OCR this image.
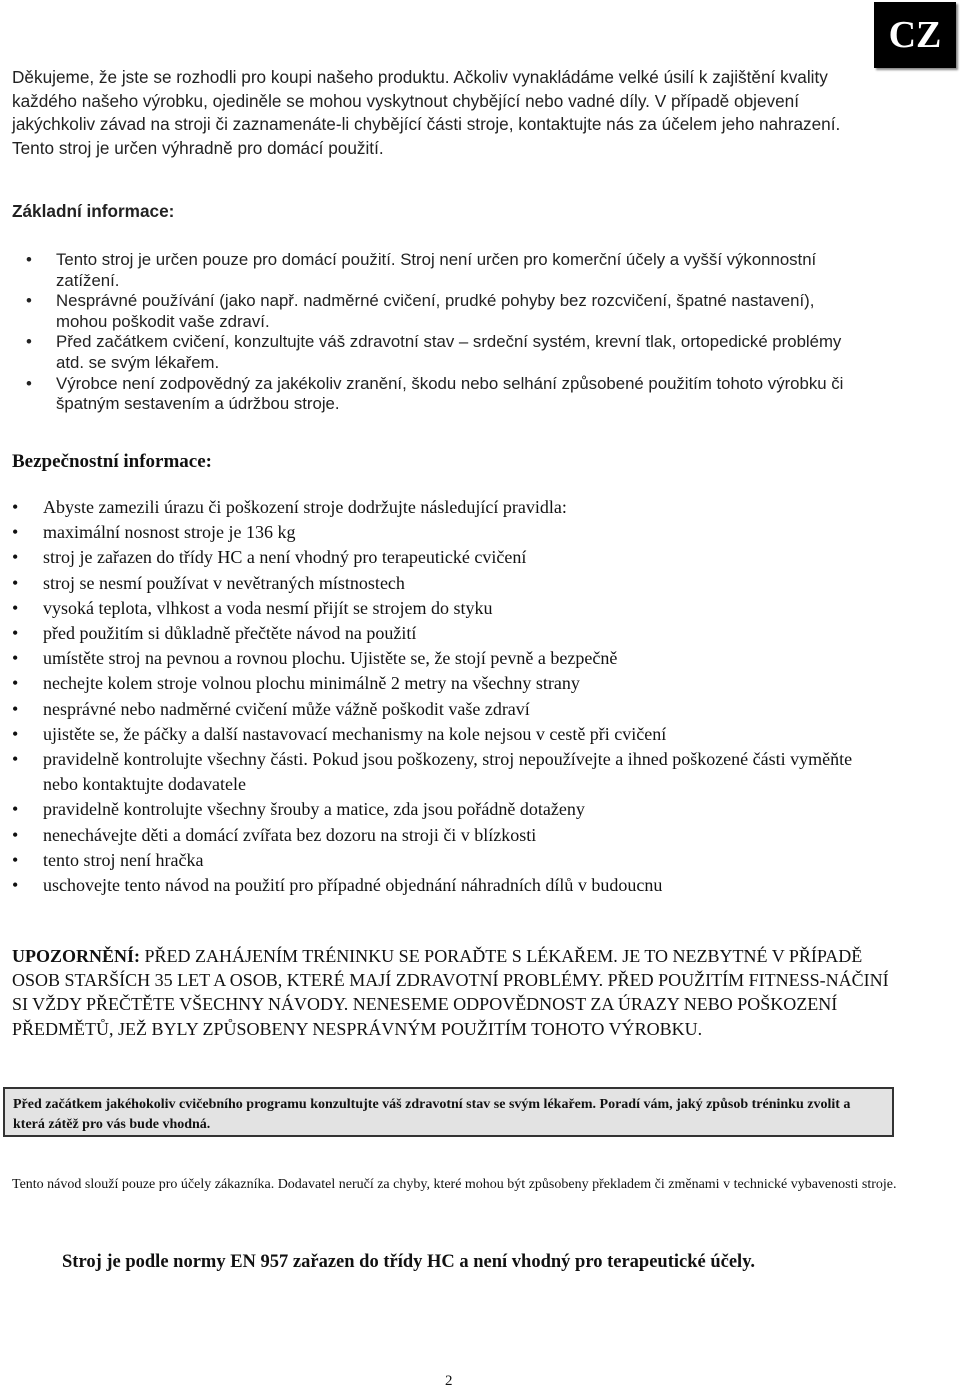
CZ

Děkujeme, že jste se rozhodli pro koupi našeho produktu. Ačkoliv vynakládáme velké úsilí k zajištění kvality každého našeho výrobku, ojediněle se mohou vyskytnout chybějící nebo vadné díly. V případě objevení jakýchkoliv závad na stroji či zaznamenáte-li chybějící části stroje, kontaktujte nás za účelem jeho nahrazení. Tento stroj je určen výhradně pro domácí použití.

Základní informace:
• Tento stroj je určen pouze pro domácí použití. Stroj není určen pro komerční účely a vyšší výkonnostní zatížení.
• Nesprávné používání (jako např. nadměrné cvičení, prudké pohyby bez rozcvičení, špatné nastavení), mohou poškodit vaše zdraví.
• Před začátkem cvičení, konzultujte váš zdravotní stav – srdeční systém, krevní tlak, ortopedické problémy atd. se svým lékařem.
• Výrobce není zodpovědný za jakékoliv zranění, škodu nebo selhání způsobené použitím tohoto výrobku či špatným sestavením a údržbou stroje.
Bezpečnostní informace:
• Abyste zamezili úrazu či poškození stroje dodržujte následující pravidla:
• maximální nosnost stroje je 136 kg
• stroj je zařazen do třídy HC a není vhodný pro terapeutické cvičení
• stroj se nesmí používat v nevětraných místnostech
• vysoká teplota, vlhkost a voda nesmí přijít se strojem do styku
• před použitím si důkladně přečtěte návod na použití
• umístěte stroj na pevnou a rovnou plochu. Ujistěte se, že stojí pevně a bezpečně
• nechejte kolem stroje volnou plochu minimálně 2 metry na všechny strany
• nesprávné nebo nadměrné cvičení může vážně poškodit vaše zdraví
• ujistěte se, že páčky a další nastavovací mechanismy na kole nejsou v cestě při cvičení
• pravidelně kontrolujte všechny části. Pokud jsou poškozeny, stroj nepoužívejte a ihned poškozené části vyměňte nebo kontaktujte dodavatele
• pravidelně kontrolujte všechny šrouby a matice, zda jsou pořádně dotaženy
• nenechávejte děti a domácí zvířata bez dozoru na stroji či v blízkosti
• tento stroj není hračka
• uschovejte tento návod na použití pro případné objednání náhradních dílů v budoucnu

UPOZORNĚNÍ: PŘED ZAHÁJENÍM TRÉNINKU SE PORAĎTE S LÉKAŘEM. JE TO NEZBYTNÉ V PŘÍPADĚ OSOB STARŠÍCH 35 LET A OSOB, KTERÉ MAJÍ ZDRAVOTNÍ PROBLÉMY. PŘED POUŽITÍM FITNESS-NÁČINÍ SI VŽDY PŘEČTĚTE VŠECHNY NÁVODY. NENESEME ODPOVĚDNOST ZA ÚRAZY NEBO POŠKOZENÍ PŘEDMĚTŮ, JEŽ BYLY ZPŮSOBENY NESPRÁVNÝM POUŽITÍM TOHOTO VÝROBKU.

Před začátkem jakéhokoliv cvičebního programu konzultujte váš zdravotní stav se svým lékařem. Poradí vám, jaký způsob tréninku zvolit a která zátěž pro vás bude vhodná.

Tento návod slouží pouze pro účely zákazníka. Dodavatel neručí za chyby, které mohou být způsobeny překladem či změnami v technické vybavenosti stroje.

Stroj je podle normy EN 957 zařazen do třídy HC a není vhodný pro terapeutické účely.

2
